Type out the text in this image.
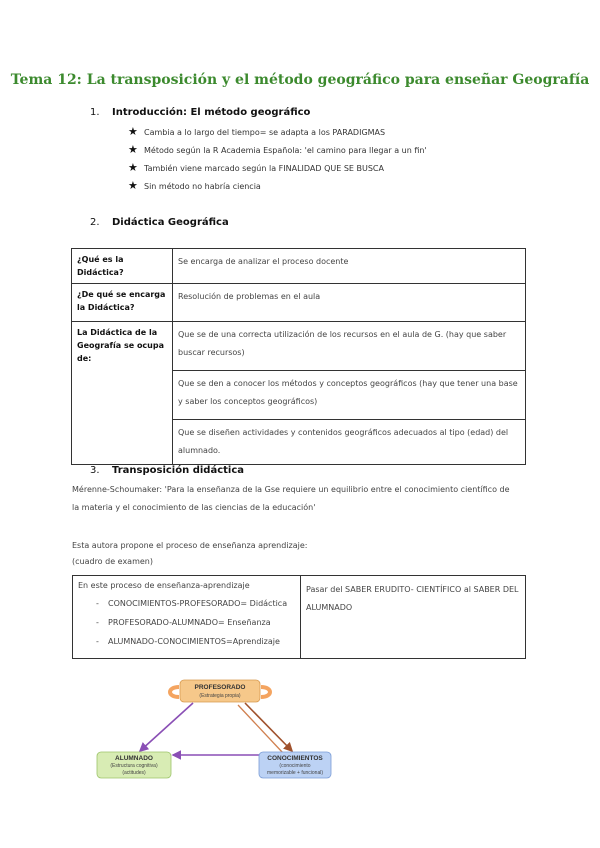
Tema 12: La transposición y el método geográfico para enseñar Geografía
1. Introducción: El método geográfico
★ Cambia a lo largo del tiempo= se adapta a los PARADIGMAS
★ Método según la R Academia Española: 'el camino para llegar a un fin'
★ También viene marcado según la FINALIDAD QUE SE BUSCA
★ Sin método no habría ciencia
2. Didáctica Geográfica
¿Qué es la Didáctica?	Se encarga de analizar el proceso docente
¿De qué se encarga la Didáctica?	Resolución de problemas en el aula
La Didáctica de la Geografía se ocupa de:	Que se de una correcta utilización de los recursos en el aula de G. (hay que saber buscar recursos)
	Que se den a conocer los métodos y conceptos geográficos (hay que tener una base y saber los conceptos geográficos)
	Que se diseñen actividades y contenidos geográficos adecuados al tipo (edad) del alumnado.
3. Transposición didáctica
Mérenne-Schoumaker: 'Para la enseñanza de la Gse requiere un equilibrio entre el conocimiento científico de la materia y el conocimiento de las ciencias de la educación'
Esta autora propone el proceso de enseñanza aprendizaje:
(cuadro de examen)
En este proceso de enseñanza-aprendizaje
- CONOCIMIENTOS-PROFESORADO= Didáctica
- PROFESORADO-ALUMNADO= Enseñanza
- ALUMNADO-CONOCIMIENTOS=Aprendizaje
	Pasar del SABER ERUDITO- CIENTÍFICO al SABER DEL ALUMNADO
PROFESORADO
(Estrategia propia)
ALUMNADO
(Estructura cognitiva)
(actitudes)
CONOCIMIENTOS
(conocimiento
memorizable + funcional)
